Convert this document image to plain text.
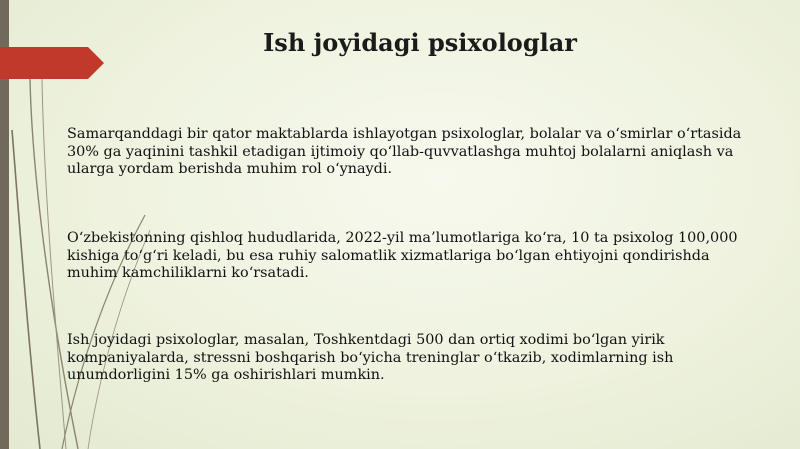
Ish joyidagi psixologlar

Samarqanddagi bir qator maktablarda ishlayotgan psixologlar, bolalar va o‘smirlar o‘rtasida 30% ga yaqinini tashkil etadigan ijtimoiy qo‘llab-quvvatlashga muhtoj bolalarni aniqlash va ularga yordam berishda muhim rol o‘ynaydi.

O‘zbekistonning qishloq hududlarida, 2022-yil ma’lumotlariga ko‘ra, 10 ta psixolog 100,000 kishiga to‘g‘ri keladi, bu esa ruhiy salomatlik xizmatlariga bo‘lgan ehtiyojni qondirishda muhim kamchiliklarni ko‘rsatadi.

Ish joyidagi psixologlar, masalan, Toshkentdagi 500 dan ortiq xodimi bo‘lgan yirik kompaniyalarda, stressni boshqarish bo‘yicha treninglar o‘tkazib, xodimlarning ish unumdorligini 15% ga oshirishlari mumkin.
